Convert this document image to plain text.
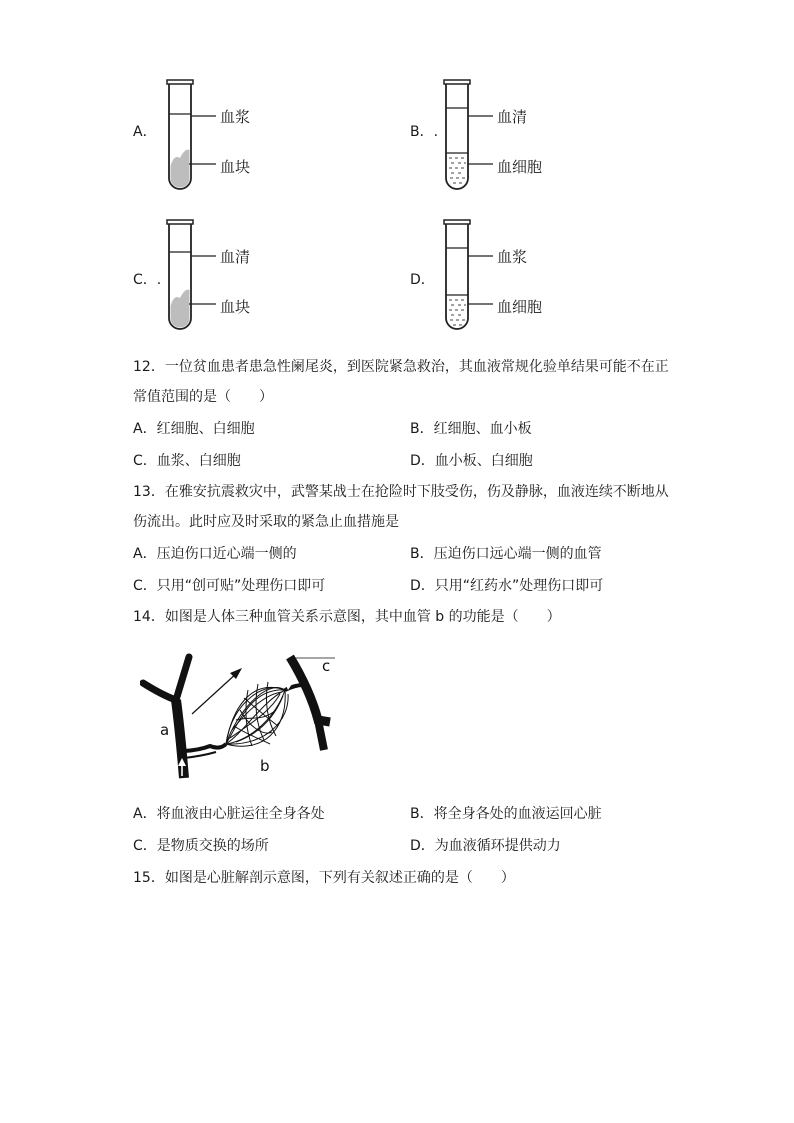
A．
血浆
血块
B．.
血清
血细胞
C．.
血清
血块
D．
血浆
血细胞
12．一位贫血患者患急性阑尾炎，到医院紧急救治，其血液常规化验单结果可能不在正
常值范围的是（　　）
A．红细胞、白细胞	B．红细胞、血小板
C．血浆、白细胞	D．血小板、白细胞
13．在雅安抗震救灾中，武警某战士在抢险时下肢受伤，伤及静脉，血液连续不断地从
伤流出。此时应及时采取的紧急止血措施是
A．压迫伤口近心端一侧的	B．压迫伤口远心端一侧的血管
C．只用“创可贴”处理伤口即可	D．只用“红药水”处理伤口即可
14．如图是人体三种血管关系示意图，其中血管 b 的功能是（　　）
a
b
c
A．将血液由心脏运往全身各处	B．将全身各处的血液运回心脏
C．是物质交换的场所	D．为血液循环提供动力
15．如图是心脏解剖示意图，下列有关叙述正确的是（　　）
